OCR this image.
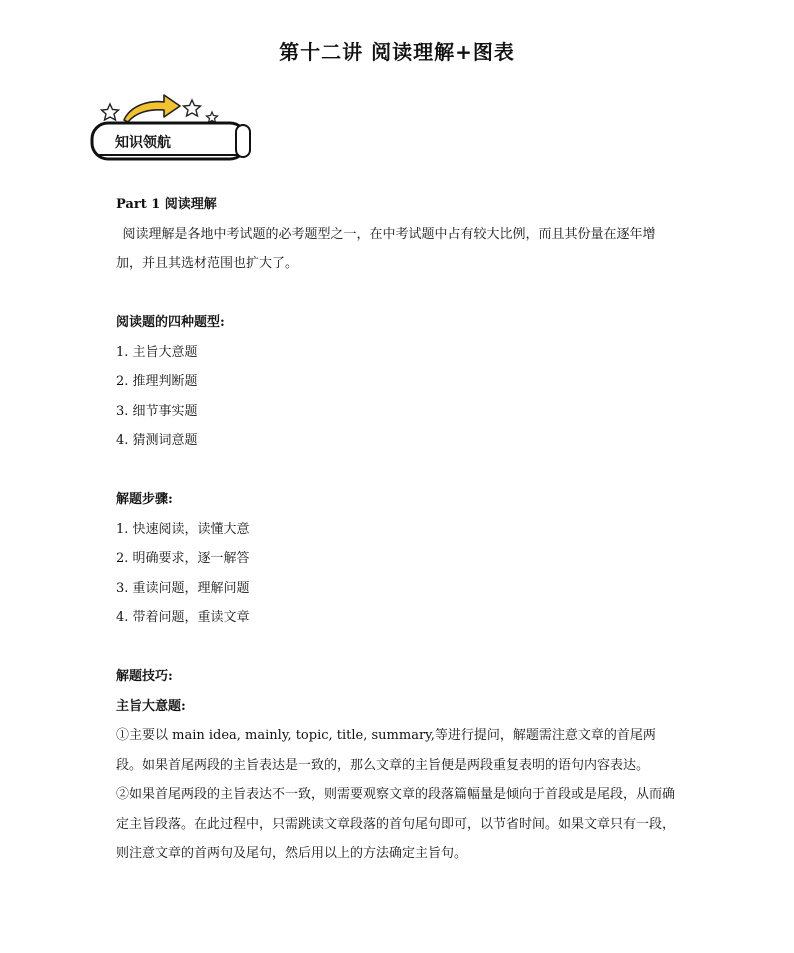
第十二讲 阅读理解+图表
知识领航
Part 1 阅读理解
阅读理解是各地中考试题的必考题型之一，在中考试题中占有较大比例，而且其份量在逐年增加，并且其选材范围也扩大了。
阅读题的四种题型:
1. 主旨大意题
2. 推理判断题
3. 细节事实题
4. 猜测词意题
解题步骤:
1. 快速阅读，读懂大意
2. 明确要求，逐一解答
3. 重读问题，理解问题
4. 带着问题，重读文章
解题技巧:
主旨大意题:
①主要以 main idea, mainly, topic, title, summary,等进行提问，解题需注意文章的首尾两段。如果首尾两段的主旨表达是一致的，那么文章的主旨便是两段重复表明的语句内容表达。
②如果首尾两段的主旨表达不一致，则需要观察文章的段落篇幅量是倾向于首段或是尾段，从而确定主旨段落。在此过程中，只需跳读文章段落的首句尾句即可，以节省时间。如果文章只有一段，则注意文章的首两句及尾句，然后用以上的方法确定主旨句。
